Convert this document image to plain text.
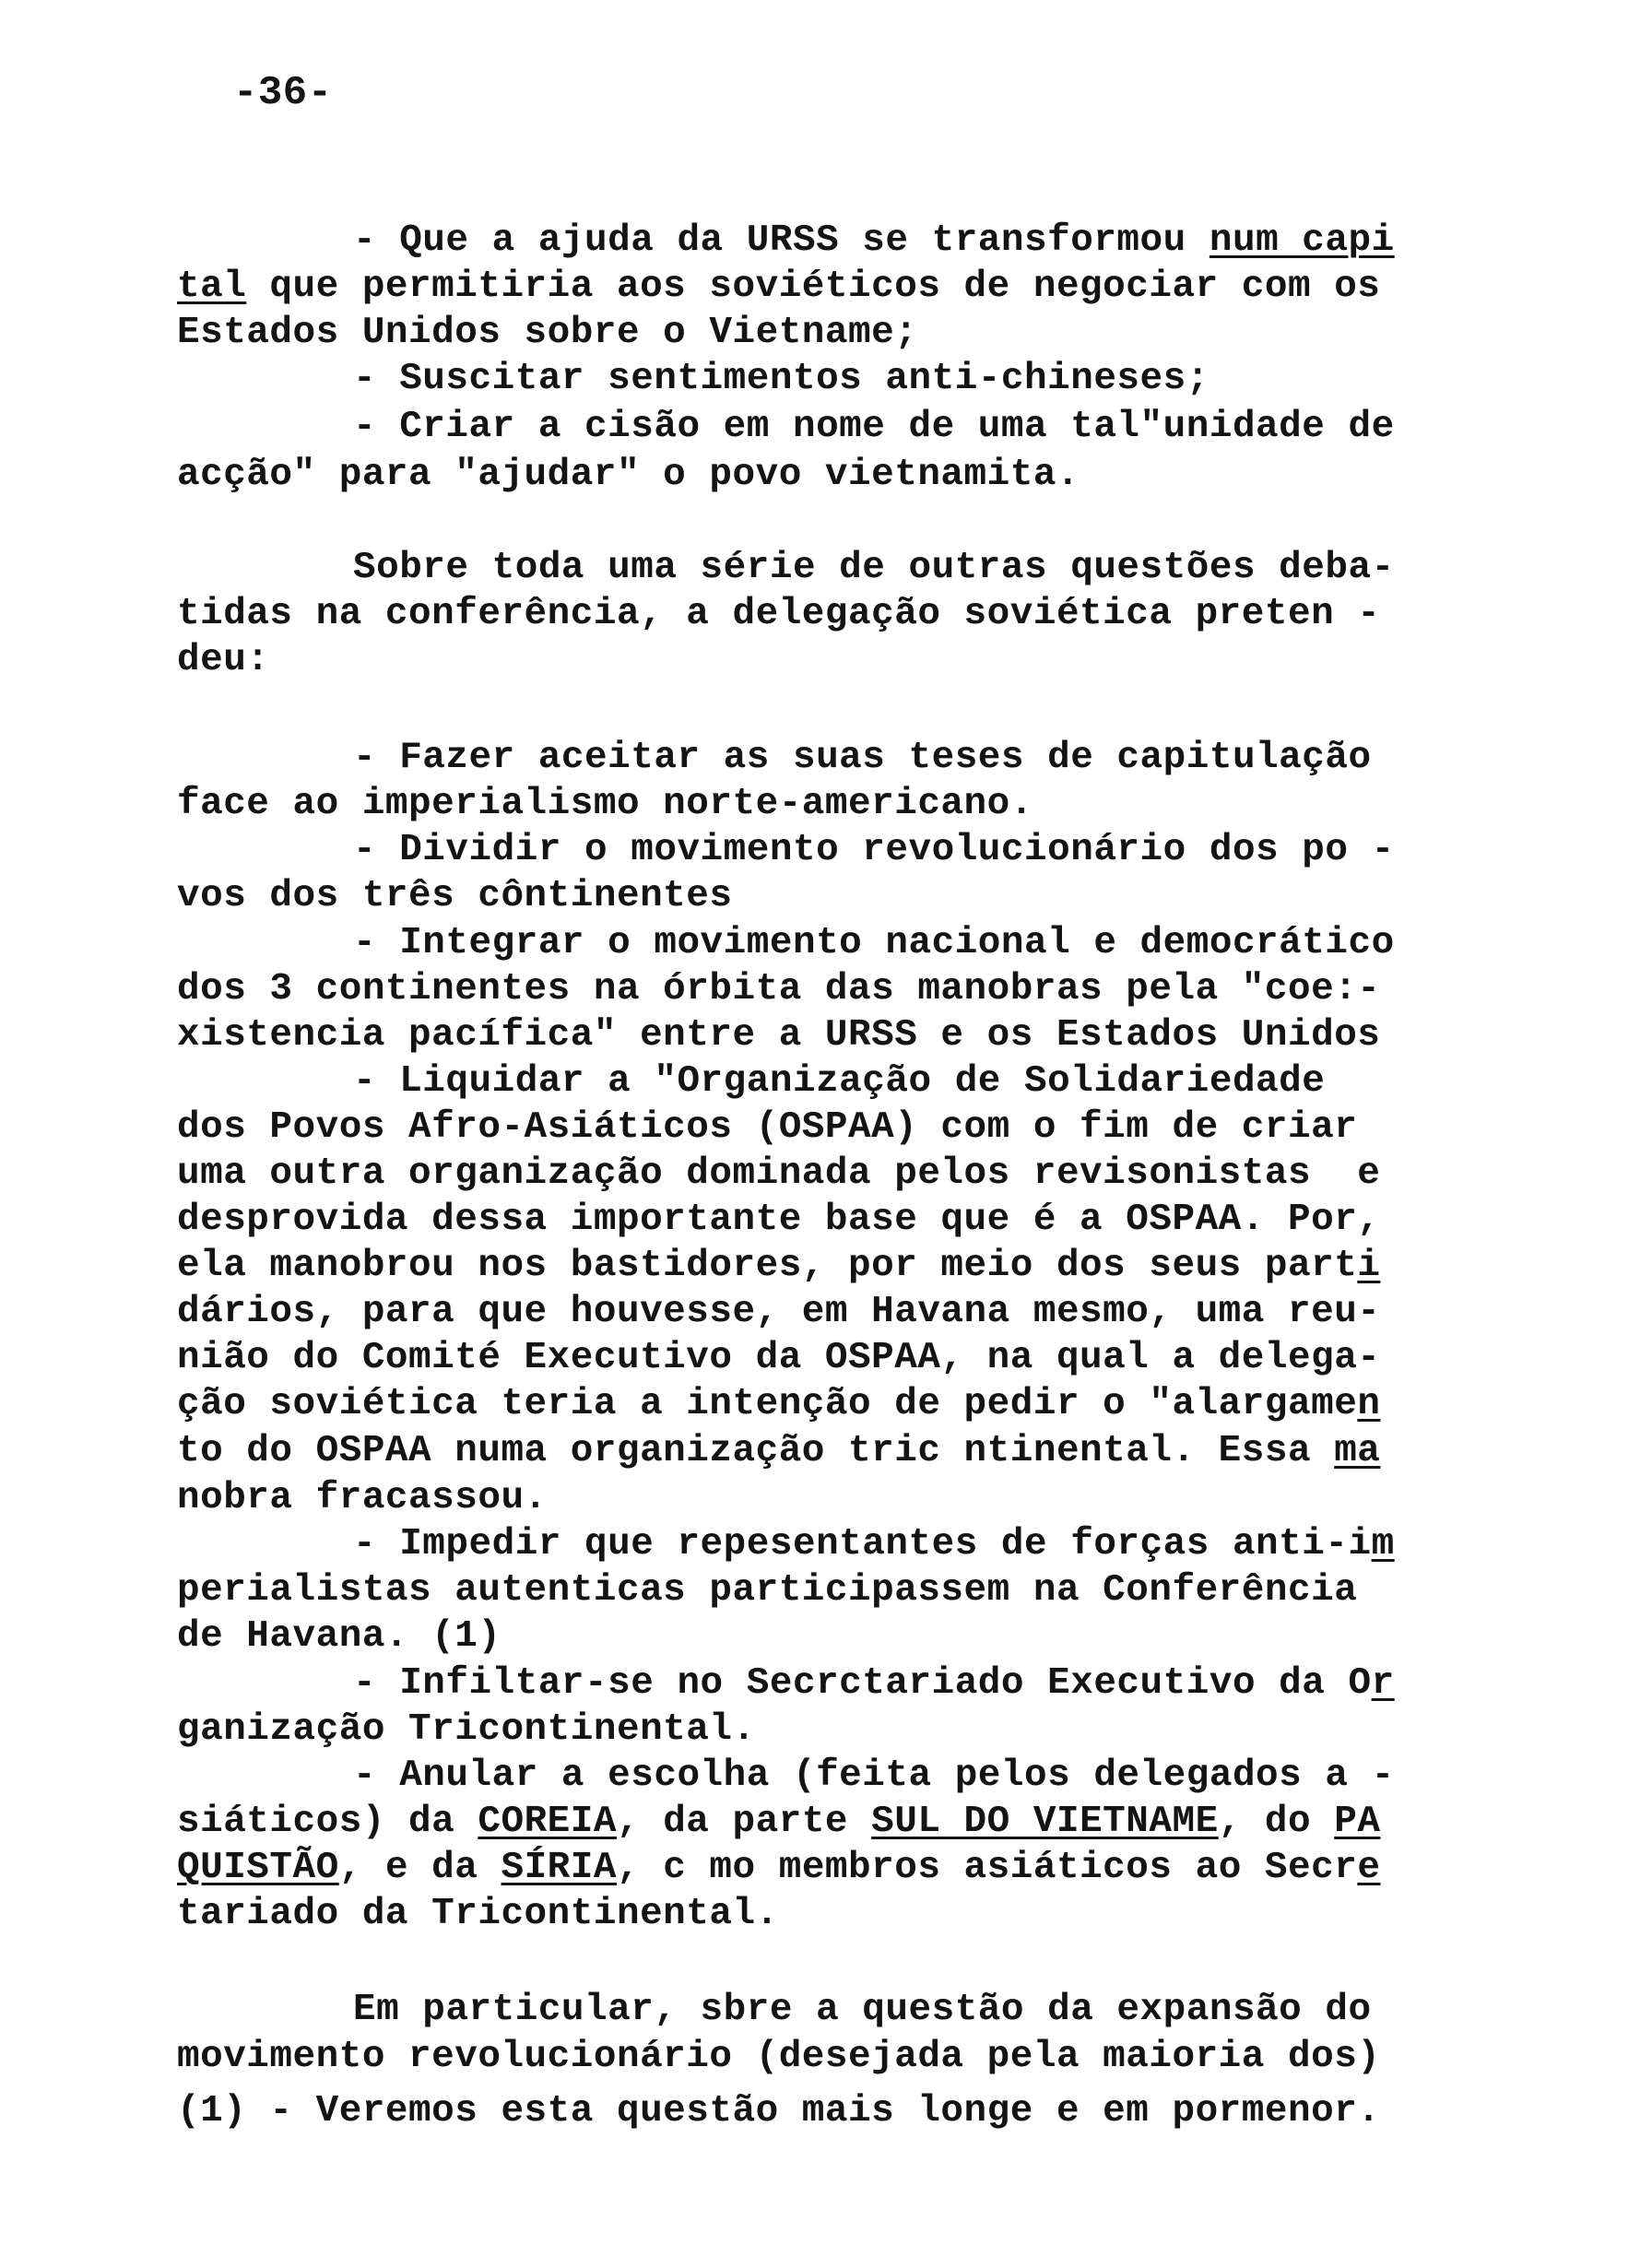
-36-
- Que a ajuda da URSS se transformou num capi
tal que permitiria aos soviéticos de negociar com os
Estados Unidos sobre o Vietname;
- Suscitar sentimentos anti-chineses;
- Criar a cisão em nome de uma tal"unidade de
acção" para "ajudar" o povo vietnamita.
Sobre toda uma série de outras questões deba-
tidas na conferência, a delegação soviética preten -
deu:
- Fazer aceitar as suas teses de capitulação
face ao imperialismo norte-americano.
- Dividir o movimento revolucionário dos po -
vos dos três côntinentes
- Integrar o movimento nacional e democrático
dos 3 continentes na órbita das manobras pela "coe:-
xistencia pacífica" entre a URSS e os Estados Unidos
- Liquidar a "Organização de Solidariedade
dos Povos Afro-Asiáticos (OSPAA) com o fim de criar
uma outra organização dominada pelos revisonistas  e
desprovida dessa importante base que é a OSPAA. Por,
ela manobrou nos bastidores, por meio dos seus parti
dários, para que houvesse, em Havana mesmo, uma reu-
nião do Comité Executivo da OSPAA, na qual a delega-
ção soviética teria a intenção de pedir o "alargamen
to do OSPAA numa organização tric ntinental. Essa ma
nobra fracassou.
- Impedir que repesentantes de forças anti-im
perialistas autenticas participassem na Conferência
de Havana. (1)
- Infiltar-se no Secrctariado Executivo da Or
ganização Tricontinental.
- Anular a escolha (feita pelos delegados a -
siáticos) da COREIA, da parte SUL DO VIETNAME, do PA
QUISTÃO, e da SÍRIA, c mo membros asiáticos ao Secre
tariado da Tricontinental.
Em particular, sbre a questão da expansão do
movimento revolucionário (desejada pela maioria dos)
(1) - Veremos esta questão mais longe e em pormenor.
